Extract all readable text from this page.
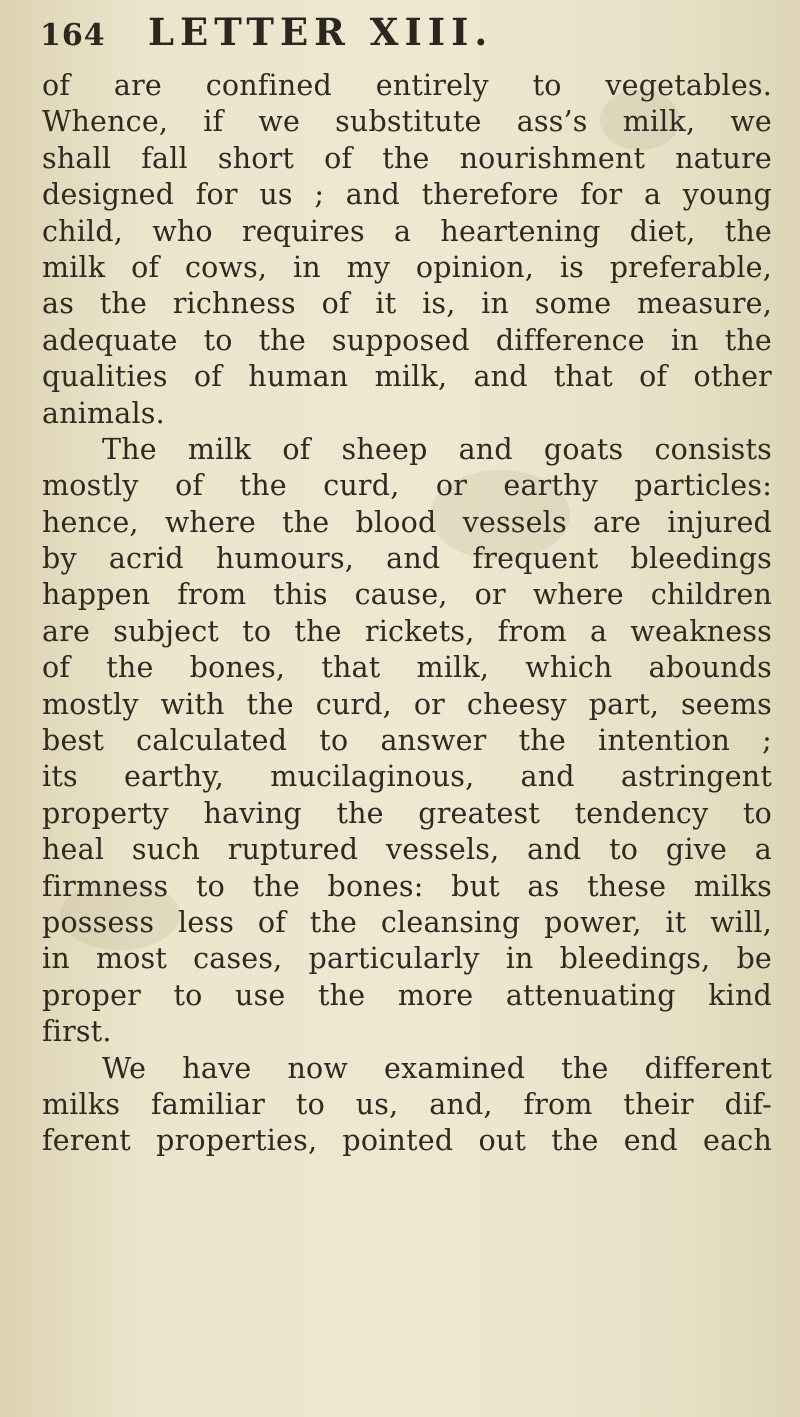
164 LETTER XIII.
of are confined entirely to vegetables.
Whence, if we substitute ass’s milk, we
shall fall short of the nourishment nature
designed for us ; and therefore for a young
child, who requires a heartening diet, the
milk of cows, in my opinion, is preferable,
as the richness of it is, in some measure,
adequate to the supposed difference in the
qualities of human milk, and that of other
animals.
The milk of sheep and goats consists
mostly of the curd, or earthy particles:
hence, where the blood vessels are injured
by acrid humours, and frequent bleedings
happen from this cause, or where children
are subject to the rickets, from a weakness
of the bones, that milk, which abounds
mostly with the curd, or cheesy part, seems
best calculated to answer the intention ;
its earthy, mucilaginous, and astringent
property having the greatest tendency to
heal such ruptured vessels, and to give a
firmness to the bones: but as these milks
possess less of the cleansing power, it will,
in most cases, particularly in bleedings, be
proper to use the more attenuating kind
first.
We have now examined the different
milks familiar to us, and, from their dif-
ferent properties, pointed out the end each
